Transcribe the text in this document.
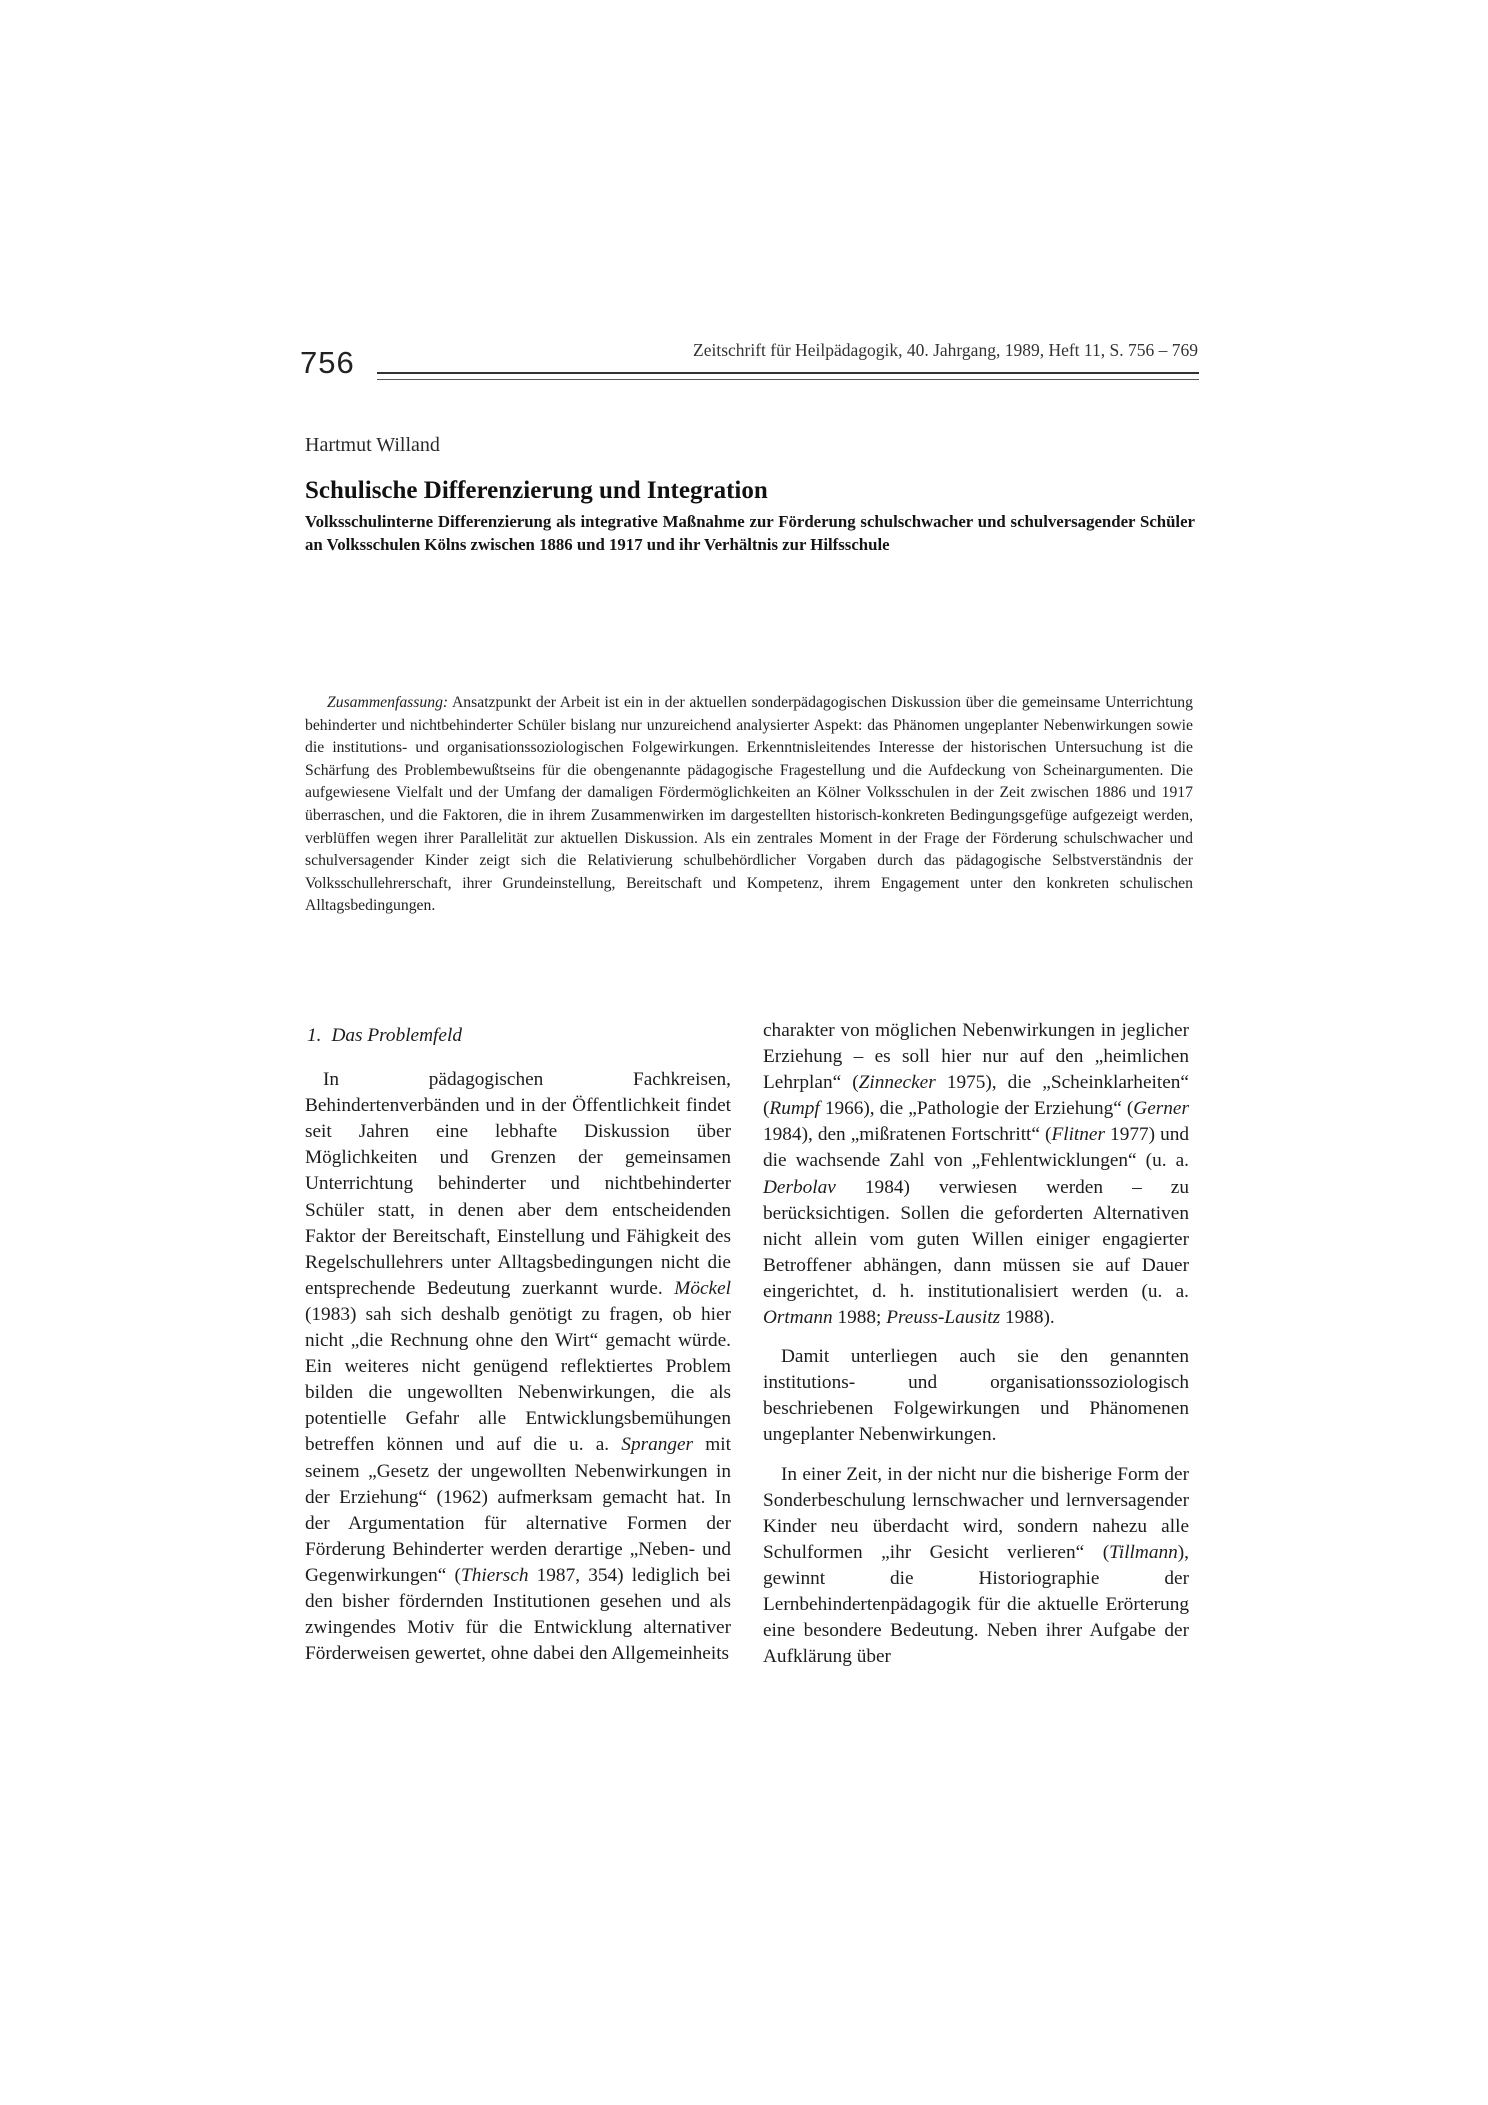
756	Zeitschrift für Heilpädagogik, 40. Jahrgang, 1989, Heft 11, S. 756 – 769
Hartmut Willand
Schulische Differenzierung und Integration
Volksschulinterne Differenzierung als integrative Maßnahme zur Förderung schulschwacher und schulversagender Schüler an Volksschulen Kölns zwischen 1886 und 1917 und ihr Verhältnis zur Hilfsschule
Zusammenfassung: Ansatzpunkt der Arbeit ist ein in der aktuellen sonderpädagogischen Diskussion über die gemeinsame Unterrichtung behinderter und nichtbehinderter Schüler bislang nur unzureichend analysierter Aspekt: das Phänomen ungeplanter Nebenwirkungen sowie die institutions- und organisationssoziologischen Folgewirkungen. Erkenntnisleitendes Interesse der historischen Untersuchung ist die Schärfung des Problembewußtseins für die obengenannte pädagogische Fragestellung und die Aufdeckung von Scheinargumenten. Die aufgewiesene Vielfalt und der Umfang der damaligen Fördermöglichkeiten an Kölner Volksschulen in der Zeit zwischen 1886 und 1917 überraschen, und die Faktoren, die in ihrem Zusammenwirken im dargestellten historisch-konkreten Bedingungsgefüge aufgezeigt werden, verblüffen wegen ihrer Parallelität zur aktuellen Diskussion. Als ein zentrales Moment in der Frage der Förderung schulschwacher und schulversagender Kinder zeigt sich die Relativierung schulbehördlicher Vorgaben durch das pädagogische Selbstverständnis der Volksschullehrerschaft, ihrer Grundeinstellung, Bereitschaft und Kompetenz, ihrem Engagement unter den konkreten schulischen Alltagsbedingungen.
1. Das Problemfeld

In pädagogischen Fachkreisen, Behindertenverbänden und in der Öffentlichkeit findet seit Jahren eine lebhafte Diskussion über Möglichkeiten und Grenzen der gemeinsamen Unterrichtung behinderter und nichtbehinderter Schüler statt, in denen aber dem entscheidenden Faktor der Bereitschaft, Einstellung und Fähigkeit des Regelschullehrers unter Alltagsbedingungen nicht die entsprechende Bedeutung zuerkannt wurde. Möckel (1983) sah sich deshalb genötigt zu fragen, ob hier nicht „die Rechnung ohne den Wirt“ gemacht würde. Ein weiteres nicht genügend reflektiertes Problem bilden die ungewollten Nebenwirkungen, die als potentielle Gefahr alle Entwicklungsbemühungen betreffen können und auf die u. a. Spranger mit seinem „Gesetz der ungewollten Nebenwirkungen in der Erziehung“ (1962) aufmerksam gemacht hat. In der Argumentation für alternative Formen der Förderung Behinderter werden derartige „Neben- und Gegenwirkungen“ (Thiersch 1987, 354) lediglich bei den bisher fördernden Institutionen gesehen und als zwingendes Motiv für die Entwicklung alternativer Förderweisen gewertet, ohne dabei den Allgemeinheits

charakter von möglichen Nebenwirkungen in jeglicher Erziehung – es soll hier nur auf den „heimlichen Lehrplan“ (Zinnecker 1975), die „Scheinklarheiten“ (Rumpf 1966), die „Pathologie der Erziehung“ (Gerner 1984), den „mißratenen Fortschritt“ (Flitner 1977) und die wachsende Zahl von „Fehlentwicklungen“ (u. a. Derbolav 1984) verwiesen werden – zu berücksichtigen. Sollen die geforderten Alternativen nicht allein vom guten Willen einiger engagierter Betroffener abhängen, dann müssen sie auf Dauer eingerichtet, d. h. institutionalisiert werden (u. a. Ortmann 1988; Preuss-Lausitz 1988).

Damit unterliegen auch sie den genannten institutions- und organisationssoziologisch beschriebenen Folgewirkungen und Phänomenen ungeplanter Nebenwirkungen.

In einer Zeit, in der nicht nur die bisherige Form der Sonderbeschulung lernschwacher und lernversagender Kinder neu überdacht wird, sondern nahezu alle Schulformen „ihr Gesicht verlieren“ (Tillmann), gewinnt die Historiographie der Lernbehindertenpädagogik für die aktuelle Erörterung eine besondere Bedeutung. Neben ihrer Aufgabe der Aufklärung über
